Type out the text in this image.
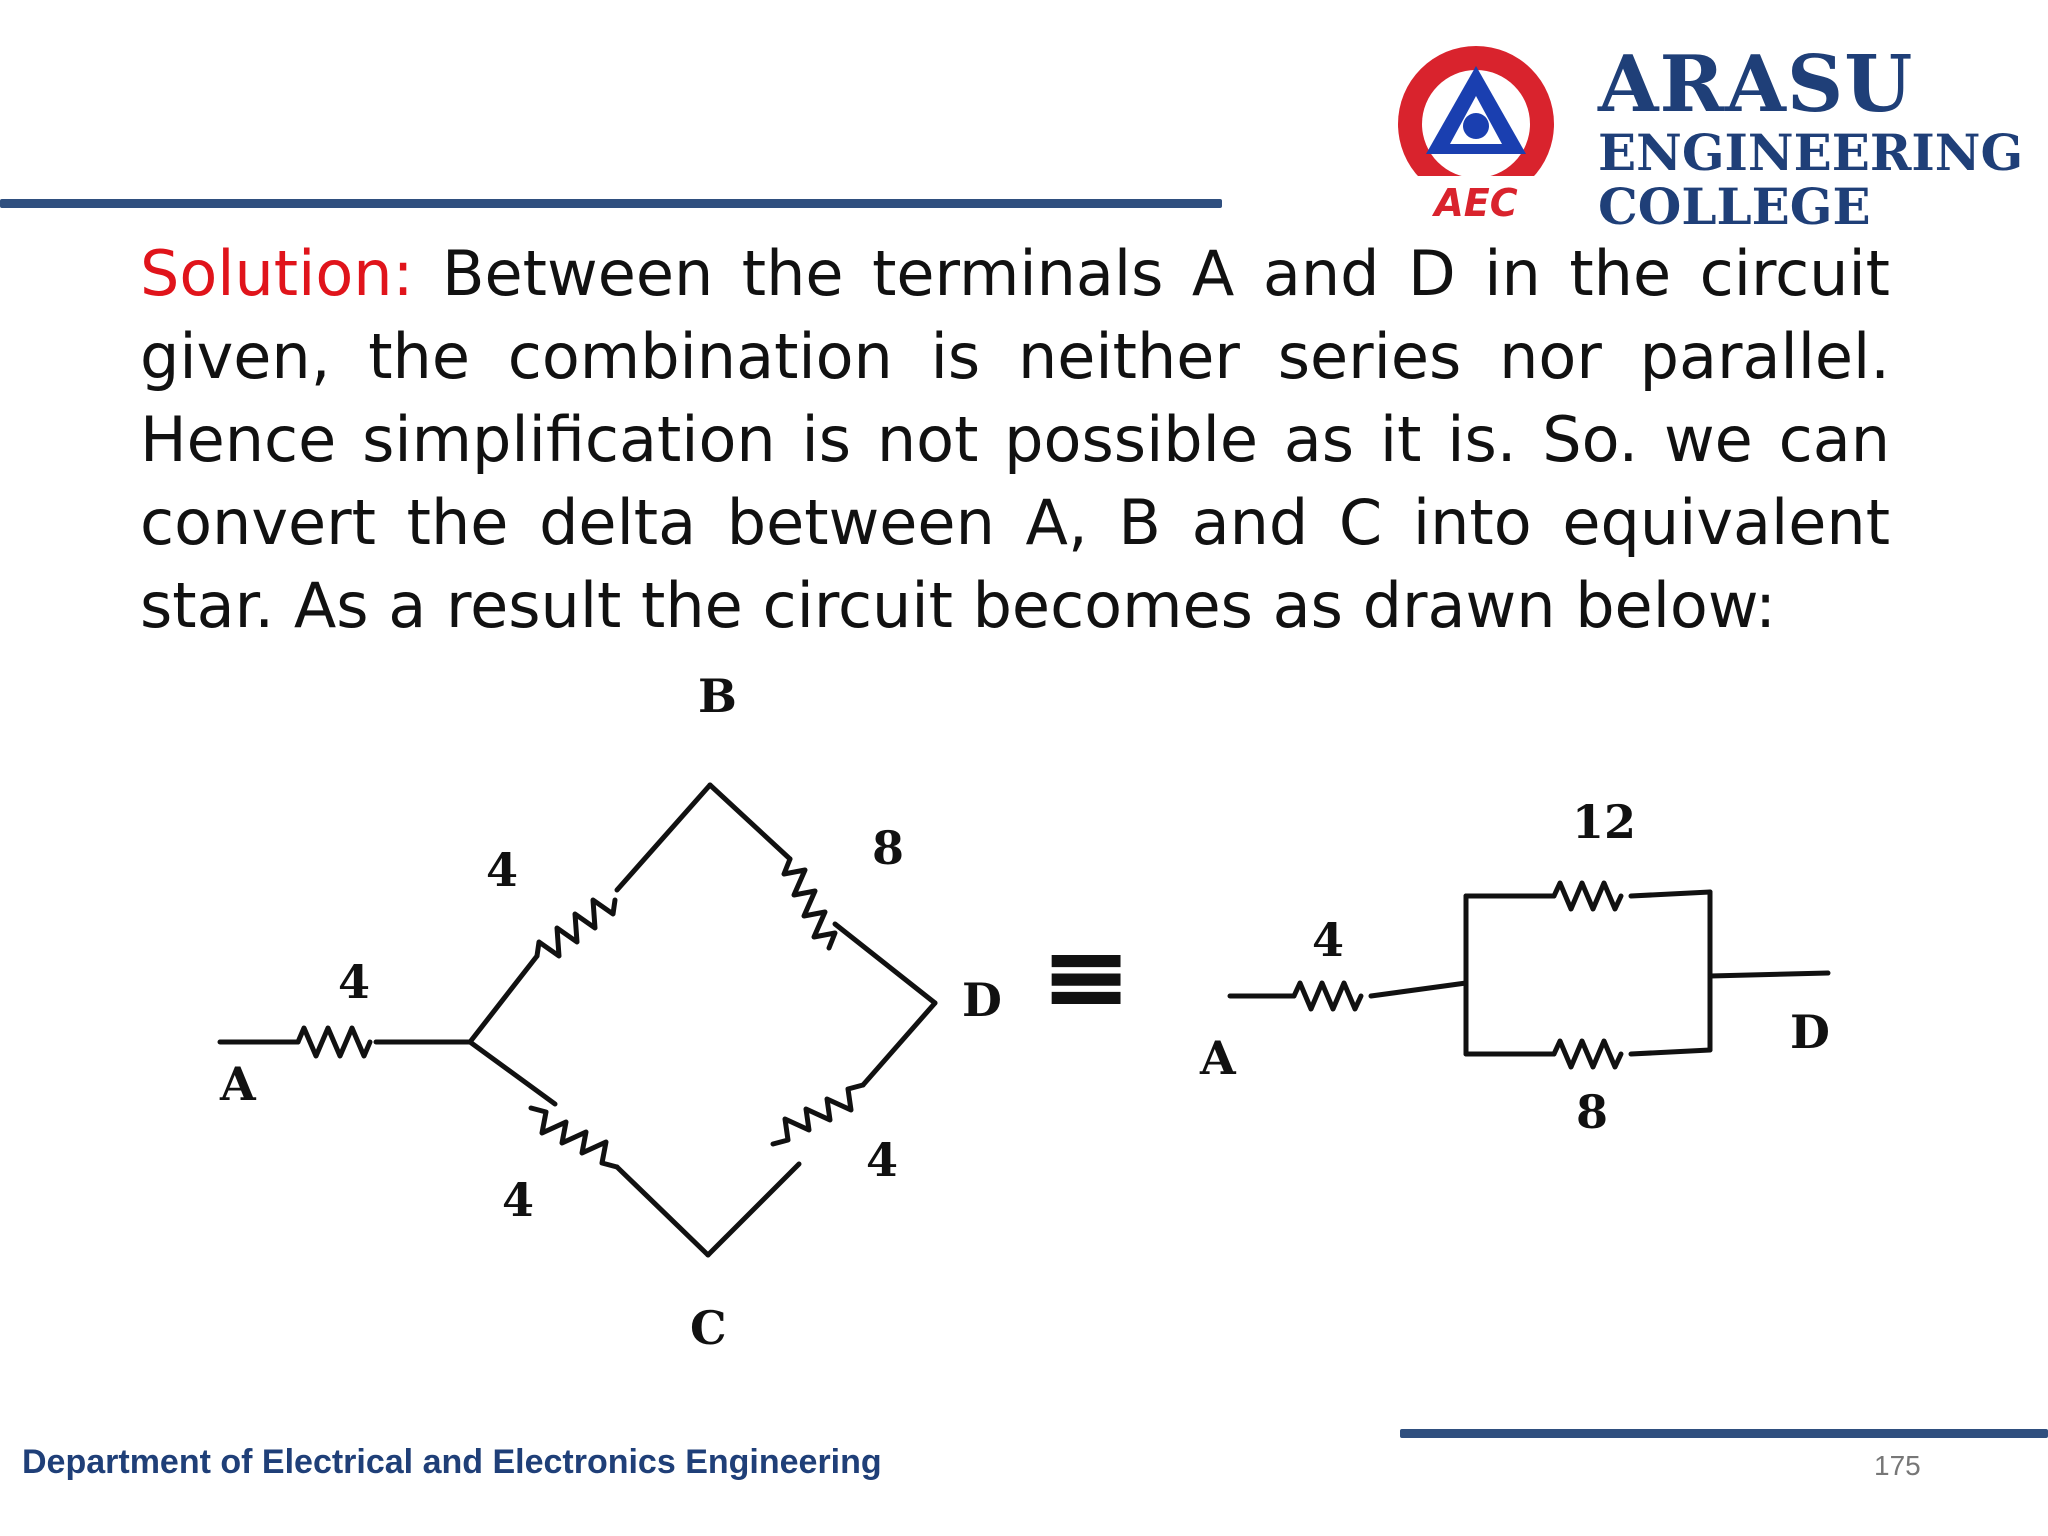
AEC
ARASU
ENGINEERING
COLLEGE
Solution: Between the terminals A and D in the circuit given, the combination is neither series nor parallel. Hence simplification is not possible as it is. So. we can convert the delta between A, B and C into equivalent star. As a result the circuit becomes as drawn below:
A
B
C
D
4
4	8
4
4
≡
A	D
4
12
8
Department of Electrical and Electronics Engineering	175
